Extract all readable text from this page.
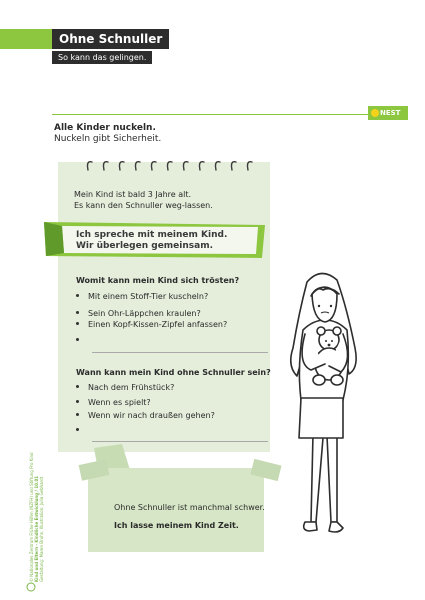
Ohne Schnuller
So kann das gelingen.
NEST
Alle Kinder nuckeln.
Nuckeln gibt Sicherheit.
Mein Kind ist bald 3 Jahre alt.
Es kann den Schnuller weg-lassen.
Ich spreche mit meinem Kind.
Wir überlegen gemeinsam.
Womit kann mein Kind sich trösten?
Mit einem Stoff-Tier kuscheln?
Sein Ohr-Läppchen kraulen?
Einen Kopf-Kissen-Zipfel anfassen?
Wann kann mein Kind ohne Schnuller sein?
Nach dem Frühstück?
Wenn es spielt?
Wenn wir nach draußen gehen?
Ohne Schnuller ist manchmal schwer.
Ich lasse meinem Kind Zeit.
© Nationales Zentrum Frühe Hilfen (NZFH) und Stiftung Pro Kind Kind und Eltern · Kindliche Entwicklung / 10.01 Gestaltung: Maren Bruhn, Illustration: Julia Gebhardt
